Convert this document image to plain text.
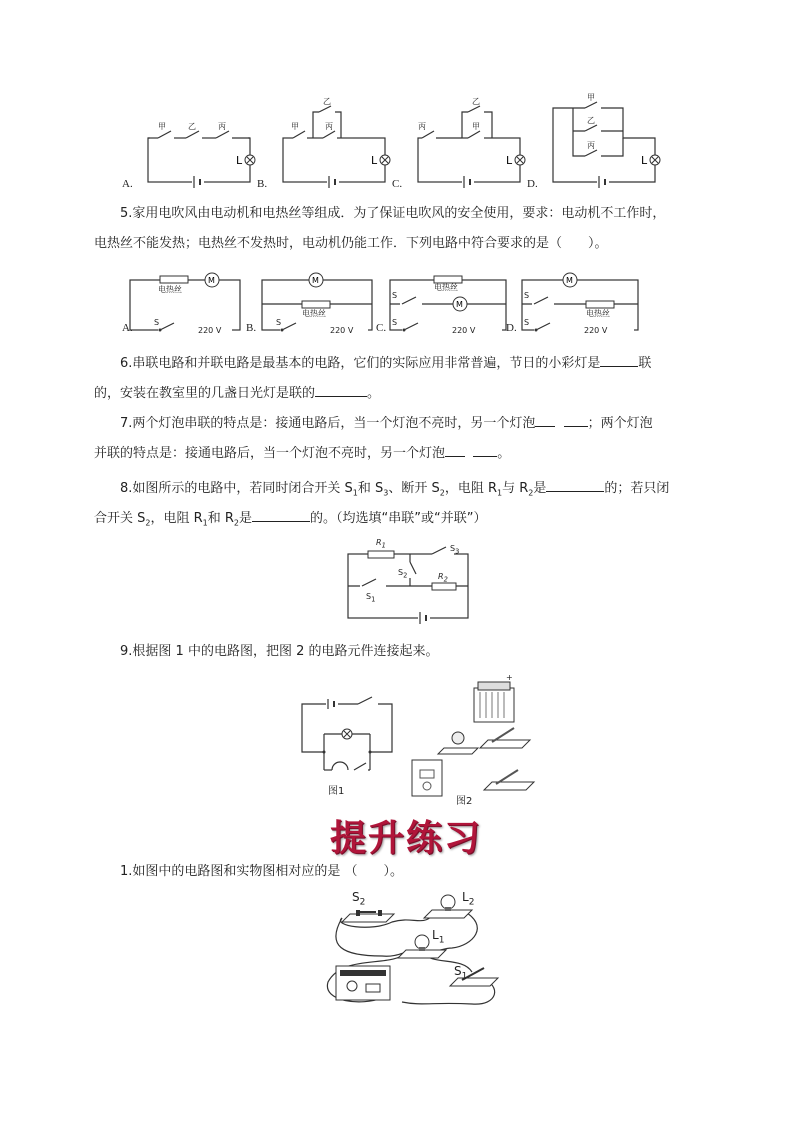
甲	乙	丙
L
甲
乙
丙
L
丙
乙
甲
L
甲
乙
丙
L
A.	B.	C.	D.
5.家用电吹风由电动机和电热丝等组成．为了保证电吹风的安全使用，要求：电动机不工作时，
电热丝不能发热；电热丝不发热时，电动机仍能工作．下列电路中符合要求的是（　　）。
M
电热丝
S
220 V
M
电热丝
S
220 V
电热丝
S
M
S
220 V
M
S
电热丝
S
220 V
A.	B.	C.	D.
6.串联电路和并联电路是最基本的电路，它们的实际应用非常普遍，节日的小彩灯是	联
的，安装在教室里的几盏日光灯是联的	。
7.两个灯泡串联的特点是：接通电路后，当一个灯泡不亮时，另一个灯泡	；两个灯泡
并联的特点是：接通电路后，当一个灯泡不亮时，另一个灯泡	。
8.如图所示的电路中，若同时闭合开关 $S_1$和 $S_3$、断开 $S_2$，电阻 $R_1$与 $R_2$是	的；若只闭
合开关 $S_2$，电阻 $R_1$和 $R_2$是	的。（均选填“串联”或“并联”）
$R_1$	$S_3$
$S_2$	$R_2$
$S_1$
9.根据图 1 中的电路图，把图 2 的电路元件连接起来。
+
图1
图2
提升练习
1.如图中的电路图和实物图相对应的是 （　　）。
$S_2$	$L_2$
$L_1$
$S_1$
